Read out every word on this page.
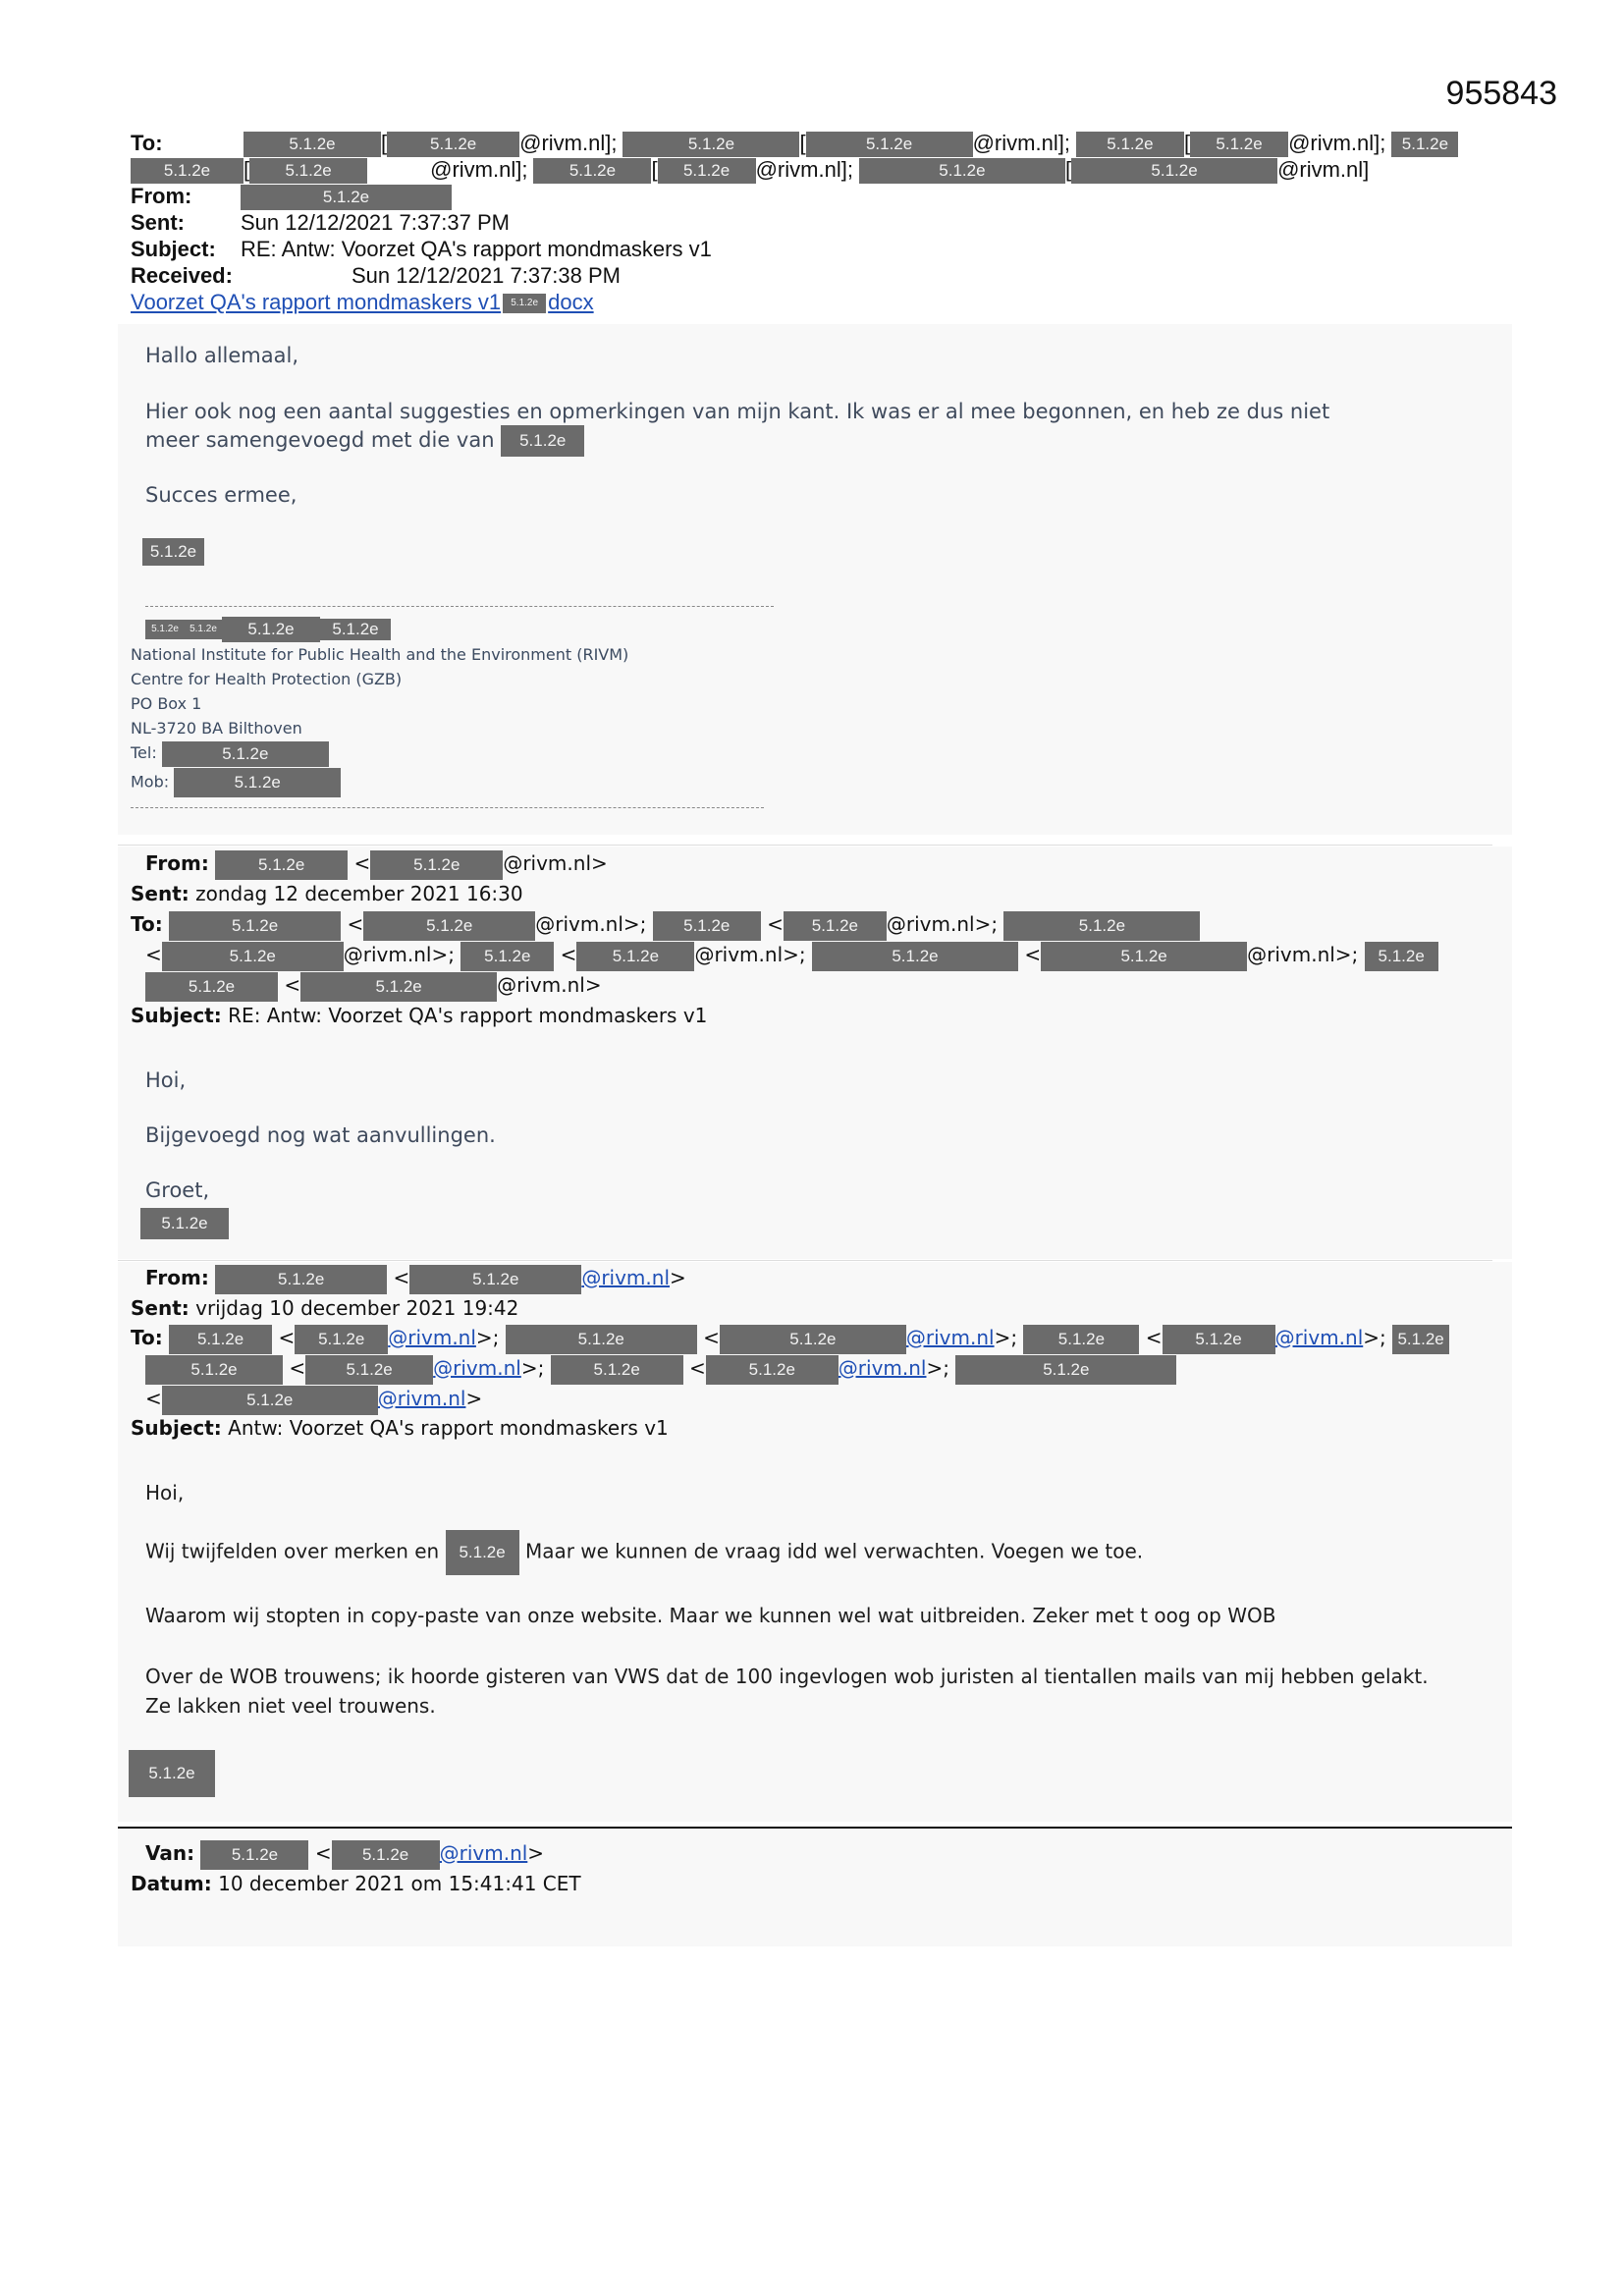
955843
To:	5.1.2e [	5.1.2e @rivm.nl];	5.1.2e	[	5.1.2e	@rivm.nl]; 5.1.2e [ 5.1.2e @rivm.nl]; 5.1.2e
5.1.2e [ 5.1.2e	@rivm.nl]; 5.1.2e [ 5.1.2e @rivm.nl];	5.1.2e	[	5.1.2e	@rivm.nl]
From:	5.1.2e
Sent:	Sun 12/12/2021 7:37:37 PM
Subject: RE: Antw: Voorzet QA's rapport mondmaskers v1
Received:	Sun 12/12/2021 7:37:38 PM
Voorzet QA's rapport mondmaskers v1 5.1.2e docx
Hallo allemaal,
Hier ook nog een aantal suggesties en opmerkingen van mijn kant. Ik was er al mee begonnen, en heb ze dus niet
meer samengevoegd met die van 5.1.2e
Succes ermee,
5.1.2e
5.1.2e 5.1.2e 5.1.2e 5.1.2e
National Institute for Public Health and the Environment (RIVM)
Centre for Health Protection (GZB)
PO Box 1
NL-3720 BA Bilthoven
Tel:	5.1.2e
Mob:	5.1.2e
From:	5.1.2e	<	5.1.2e @rivm.nl>
Sent: zondag 12 december 2021 16:30
To:	5.1.2e	<	5.1.2e	@rivm.nl>; 5.1.2e < 5.1.2e @rivm.nl>;	5.1.2e
<	5.1.2e	@rivm.nl>; 5.1.2e < 5.1.2e @rivm.nl>;	5.1.2e	<	5.1.2e	@rivm.nl>; 5.1.2e
5.1.2e	<	5.1.2e	@rivm.nl>
Subject: RE: Antw: Voorzet QA's rapport mondmaskers v1
Hoi,
Bijgevoegd nog wat aanvullingen.
Groet,
5.1.2e
From:	5.1.2e	<	5.1.2e	@rivm.nl>
Sent: vrijdag 10 december 2021 19:42
To: 5.1.2e < 5.1.2e @rivm.nl>;	5.1.2e	<	5.1.2e	@rivm.nl>; 5.1.2e < 5.1.2e @rivm.nl>; 5.1.2e
5.1.2e	< 5.1.2e @rivm.nl>;	5.1.2e	<	5.1.2e @rivm.nl>;	5.1.2e
<	5.1.2e	@rivm.nl>
Subject: Antw: Voorzet QA's rapport mondmaskers v1
Hoi,
Wij twijfelden over merken en 5.1.2e Maar we kunnen de vraag idd wel verwachten. Voegen we toe.
Waarom wij stopten in copy-paste van onze website. Maar we kunnen wel wat uitbreiden. Zeker met t oog op WOB
Over de WOB trouwens; ik hoorde gisteren van VWS dat de 100 ingevlogen wob juristen al tientallen mails van mij hebben gelakt.
Ze lakken niet veel trouwens.
5.1.2e
Van: 5.1.2e < 5.1.2e @rivm.nl>
Datum: 10 december 2021 om 15:41:41 CET
